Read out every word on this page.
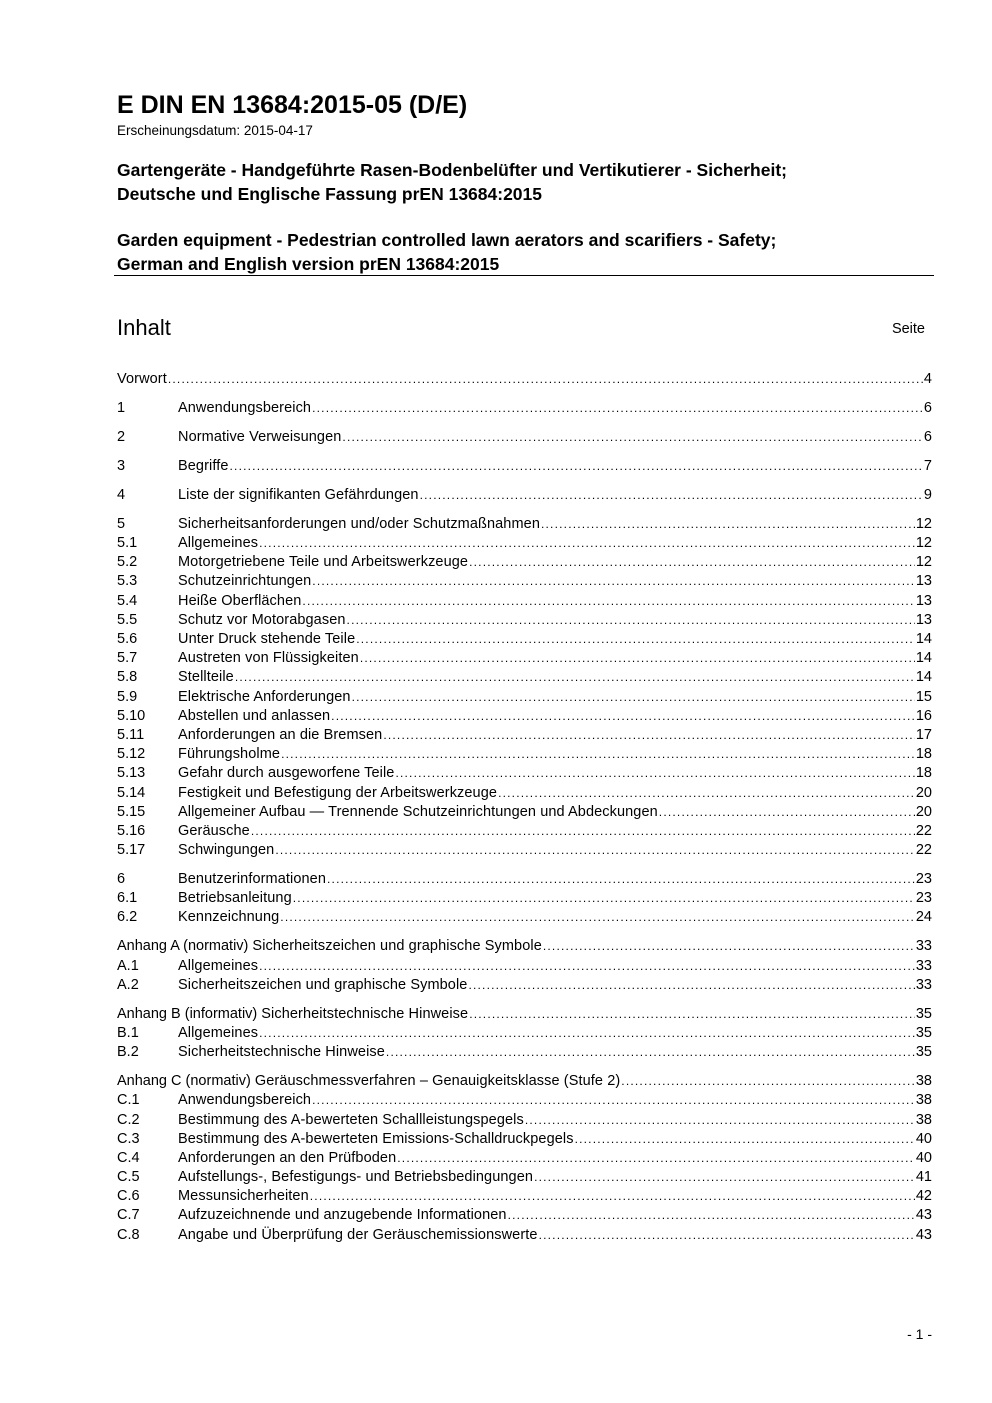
E DIN EN 13684:2015-05 (D/E)
Erscheinungsdatum: 2015-04-17
Gartengeräte - Handgeführte Rasen-Bodenbelüfter und Vertikutierer - Sicherheit;
Deutsche und Englische Fassung prEN 13684:2015
Garden equipment - Pedestrian controlled lawn aerators and scarifiers - Safety;
German and English version prEN 13684:2015
Inhalt	Seite
Vorwort .....	4
1	Anwendungsbereich .....	6
2	Normative Verweisungen .....	6
3	Begriffe .....	7
4	Liste der signifikanten Gefährdungen .....	9
5	Sicherheitsanforderungen und/oder Schutzmaßnahmen .....	12
5.1	Allgemeines .....	12
5.2	Motorgetriebene Teile und Arbeitswerkzeuge .....	12
5.3	Schutzeinrichtungen .....	13
5.4	Heiße Oberflächen .....	13
5.5	Schutz vor Motorabgasen .....	13
5.6	Unter Druck stehende Teile .....	14
5.7	Austreten von Flüssigkeiten .....	14
5.8	Stellteile .....	14
5.9	Elektrische Anforderungen .....	15
5.10	Abstellen und anlassen .....	16
5.11	Anforderungen an die Bremsen .....	17
5.12	Führungsholme .....	18
5.13	Gefahr durch ausgeworfene Teile .....	18
5.14	Festigkeit und Befestigung der Arbeitswerkzeuge .....	20
5.15	Allgemeiner Aufbau — Trennende Schutzeinrichtungen und Abdeckungen .....	20
5.16	Geräusche .....	22
5.17	Schwingungen .....	22
6	Benutzerinformationen .....	23
6.1	Betriebsanleitung .....	23
6.2	Kennzeichnung .....	24
Anhang A (normativ) Sicherheitszeichen und graphische Symbole .....	33
A.1	Allgemeines .....	33
A.2	Sicherheitszeichen und graphische Symbole .....	33
Anhang B (informativ) Sicherheitstechnische Hinweise .....	35
B.1	Allgemeines .....	35
B.2	Sicherheitstechnische Hinweise .....	35
Anhang C (normativ) Geräuschmessverfahren – Genauigkeitsklasse (Stufe 2) .....	38
C.1	Anwendungsbereich .....	38
C.2	Bestimmung des A-bewerteten Schallleistungspegels .....	38
C.3	Bestimmung des A-bewerteten Emissions-Schalldruckpegels .....	40
C.4	Anforderungen an den Prüfboden .....	40
C.5	Aufstellungs-, Befestigungs- und Betriebsbedingungen .....	41
C.6	Messunsicherheiten .....	42
C.7	Aufzuzeichnende und anzugebende Informationen .....	43
C.8	Angabe und Überprüfung der Geräuschemissionswerte .....	43
- 1 -
